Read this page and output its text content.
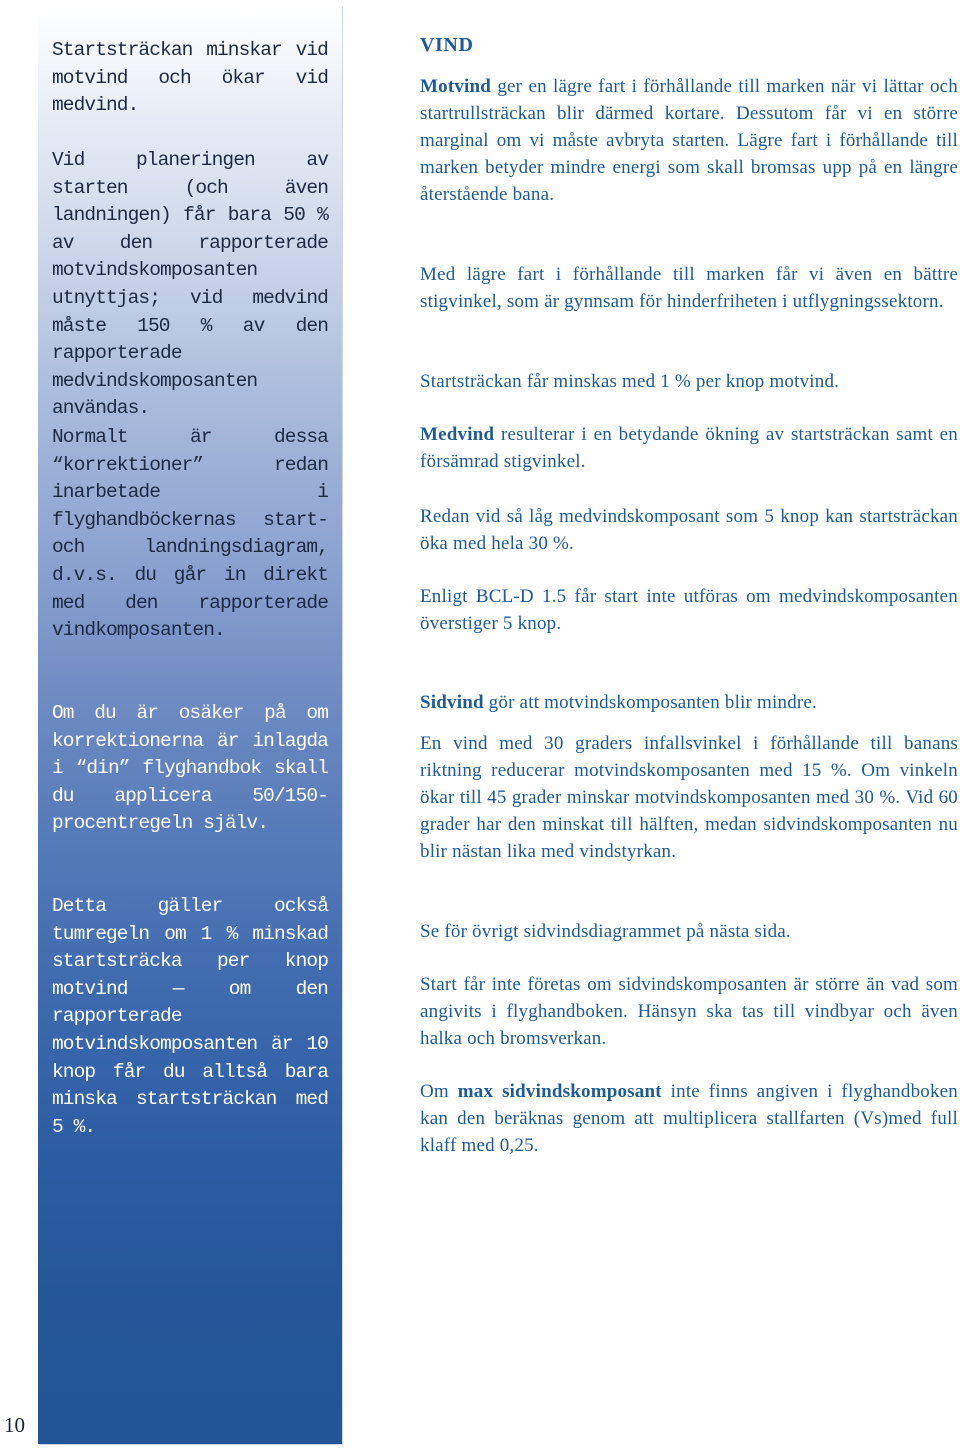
Startsträckan minskar vid motvind och ökar vid medvind.

Vid planeringen av starten (och även landningen) får bara 50 % av den rapporterade motvindskomposanten utnyttjas; vid medvind måste 150 % av den rapporterade medvindskomposanten användas.

Normalt är dessa “korrektioner” redan inarbetade i flyghandböckernas start- och landningsdiagram, d.v.s. du går in direkt med den rapporterade vindkomposanten.

Om du är osäker på om korrektionerna är inlagda i “din” flyghandbok skall du applicera 50/150-procentregeln själv.

Detta gäller också tumregeln om 1 % minskad startsträcka per knop motvind — om den rapporterade motvindskomposanten är 10 knop får du alltså bara minska startsträckan med 5 %.

VIND

Motvind ger en lägre fart i förhållande till marken när vi lättar och startrullsträckan blir därmed kortare. Dessutom får vi en större marginal om vi måste avbryta starten. Lägre fart i förhållande till marken betyder mindre energi som skall bromsas upp på en längre återstående bana.

Med lägre fart i förhållande till marken får vi även en bättre stigvinkel, som är gynnsam för hinderfriheten i utflygningssektorn.

Startsträckan får minskas med 1 % per knop motvind.

Medvind resulterar i en betydande ökning av startsträckan samt en försämrad stigvinkel.

Redan vid så låg medvindskomposant som 5 knop kan startsträckan öka med hela 30 %.

Enligt BCL-D 1.5 får start inte utföras om medvindskomposanten överstiger 5 knop.

Sidvind gör att motvindskomposanten blir mindre.

En vind med 30 graders infallsvinkel i förhållande till banans riktning reducerar motvindskomposanten med 15 %. Om vinkeln ökar till 45 grader minskar motvindskomposanten med 30 %. Vid 60 grader har den minskat till hälften, medan sidvindskomposanten nu blir nästan lika med vindstyrkan.

Se för övrigt sidvindsdiagrammet på nästa sida.

Start får inte företas om sidvindskomposanten är större än vad som angivits i flyghandboken. Hänsyn ska tas till vindbyar och även halka och bromsverkan.

Om max sidvindskomposant inte finns angiven i flyghandboken kan den beräknas genom att multiplicera stallfarten (Vs)med full klaff med 0,25.

10
